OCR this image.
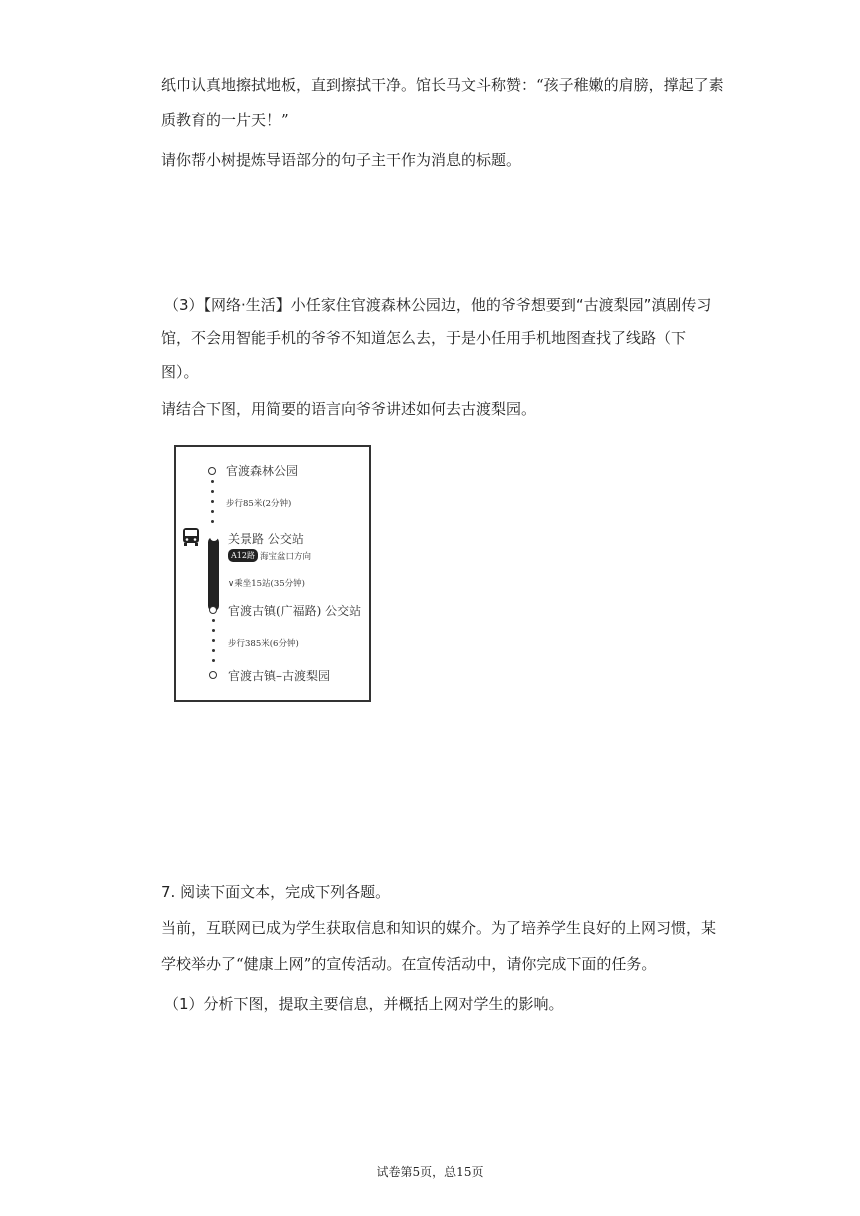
纸巾认真地擦拭地板，直到擦拭干净。馆长马文斗称赞：“孩子稚嫩的肩膀，撑起了素
质教育的一片天！”
请你帮小树提炼导语部分的句子主干作为消息的标题。
（3）【网络·生活】小任家住官渡森林公园边，他的爷爷想要到“古渡梨园”滇剧传习
馆，不会用智能手机的爷爷不知道怎么去，于是小任用手机地图查找了线路（下
图）。
请结合下图，用简要的语言向爷爷讲述如何去古渡梨园。
官渡森林公园
步行85米(2分钟)
关景路 公交站
A12路 海宝盆口方向
∨乘坐15站(35分钟)
官渡古镇(广福路) 公交站
步行385米(6分钟)
官渡古镇–古渡梨园
7. 阅读下面文本，完成下列各题。
当前，互联网已成为学生获取信息和知识的媒介。为了培养学生良好的上网习惯，某
学校举办了“健康上网”的宣传活动。在宣传活动中，请你完成下面的任务。
（1）分析下图，提取主要信息，并概括上网对学生的影响。
试卷第5页，总15页
